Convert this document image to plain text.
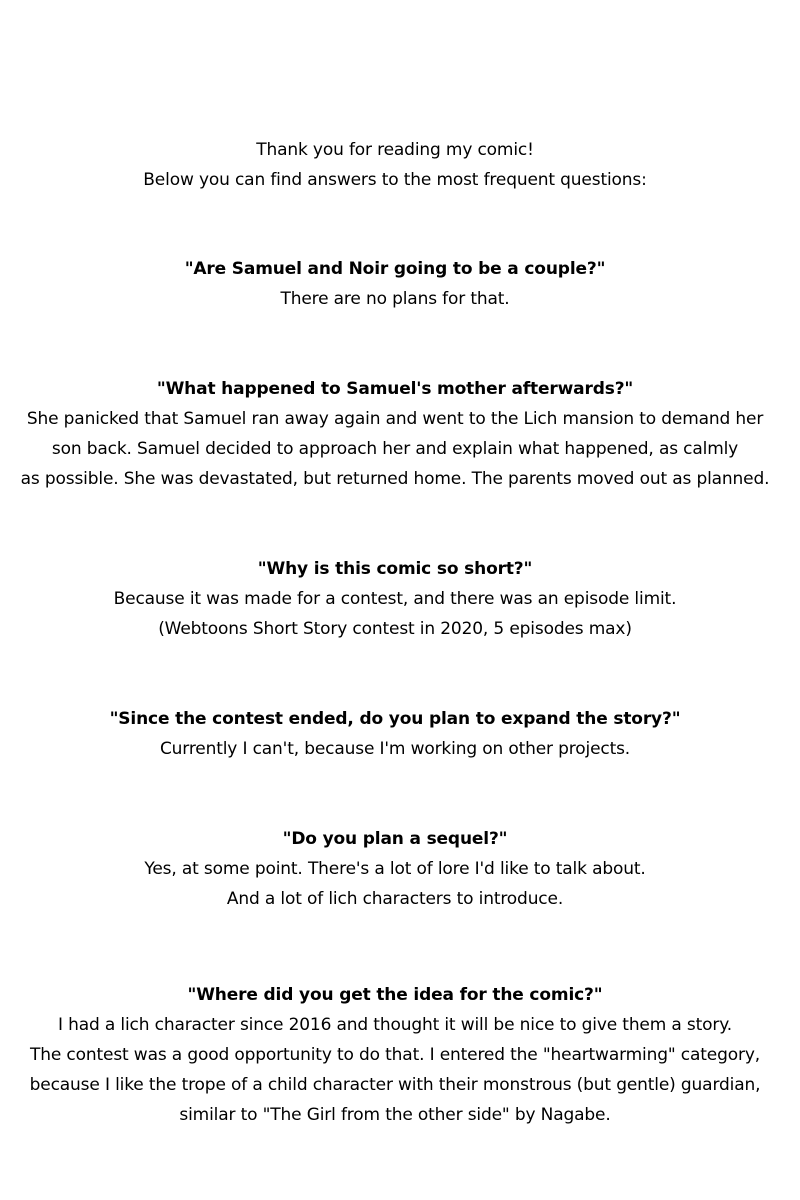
Thank you for reading my comic!
Below you can find answers to the most frequent questions:
"Are Samuel and Noir going to be a couple?"
There are no plans for that.
"What happened to Samuel's mother afterwards?"
She panicked that Samuel ran away again and went to the Lich mansion to demand her
son back. Samuel decided to approach her and explain what happened, as calmly
as possible. She was devastated, but returned home. The parents moved out as planned.
"Why is this comic so short?"
Because it was made for a contest, and there was an episode limit.
(Webtoons Short Story contest in 2020, 5 episodes max)
"Since the contest ended, do you plan to expand the story?"
Currently I can't, because I'm working on other projects.
"Do you plan a sequel?"
Yes, at some point. There's a lot of lore I'd like to talk about.
And a lot of lich characters to introduce.
"Where did you get the idea for the comic?"
I had a lich character since 2016 and thought it will be nice to give them a story.
The contest was a good opportunity to do that. I entered the "heartwarming" category,
because I like the trope of a child character with their monstrous (but gentle) guardian,
similar to "The Girl from the other side" by Nagabe.
